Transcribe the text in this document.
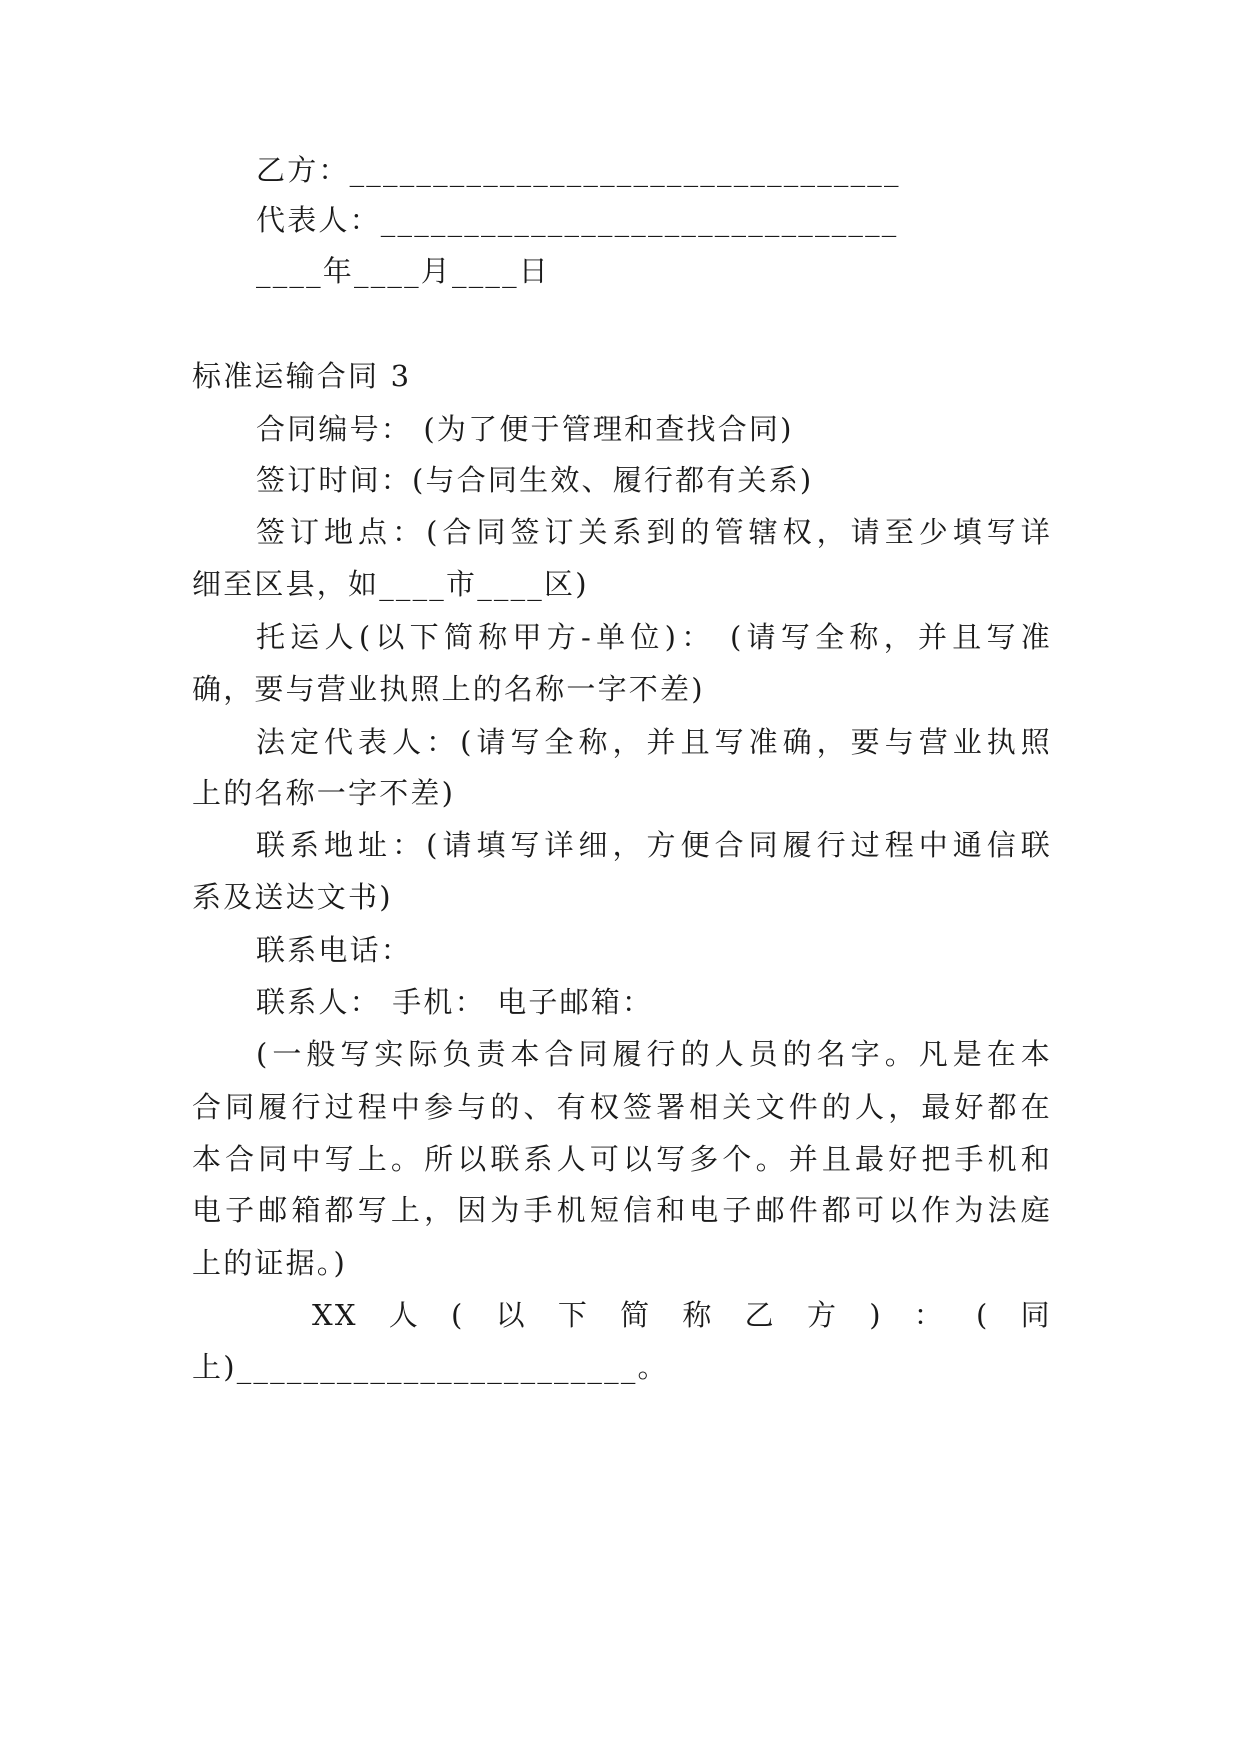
乙方：_________________________________
代表人：_______________________________
____年____月____日
标准运输合同 3
合同编号： (为了便于管理和查找合同)
签订时间：(与合同生效、履行都有关系)
签订地点：(合同签订关系到的管辖权，请至少填写详
细至区县，如____市____区)
托运人(以下简称甲方-单位)： (请写全称，并且写准
确，要与营业执照上的名称一字不差)
法定代表人：(请写全称，并且写准确，要与营业执照
上的名称一字不差)
联系地址：(请填写详细，方便合同履行过程中通信联
系及送达文书)
联系电话：
联系人： 手机： 电子邮箱：
(一般写实际负责本合同履行的人员的名字。凡是在本
合同履行过程中参与的、有权签署相关文件的人，最好都在
本合同中写上。所以联系人可以写多个。并且最好把手机和
电子邮箱都写上，因为手机短信和电子邮件都可以作为法庭
上的证据。)
XX 人 ( 以 下 简 称 乙 方 ) ： ( 同
上)________________________。
